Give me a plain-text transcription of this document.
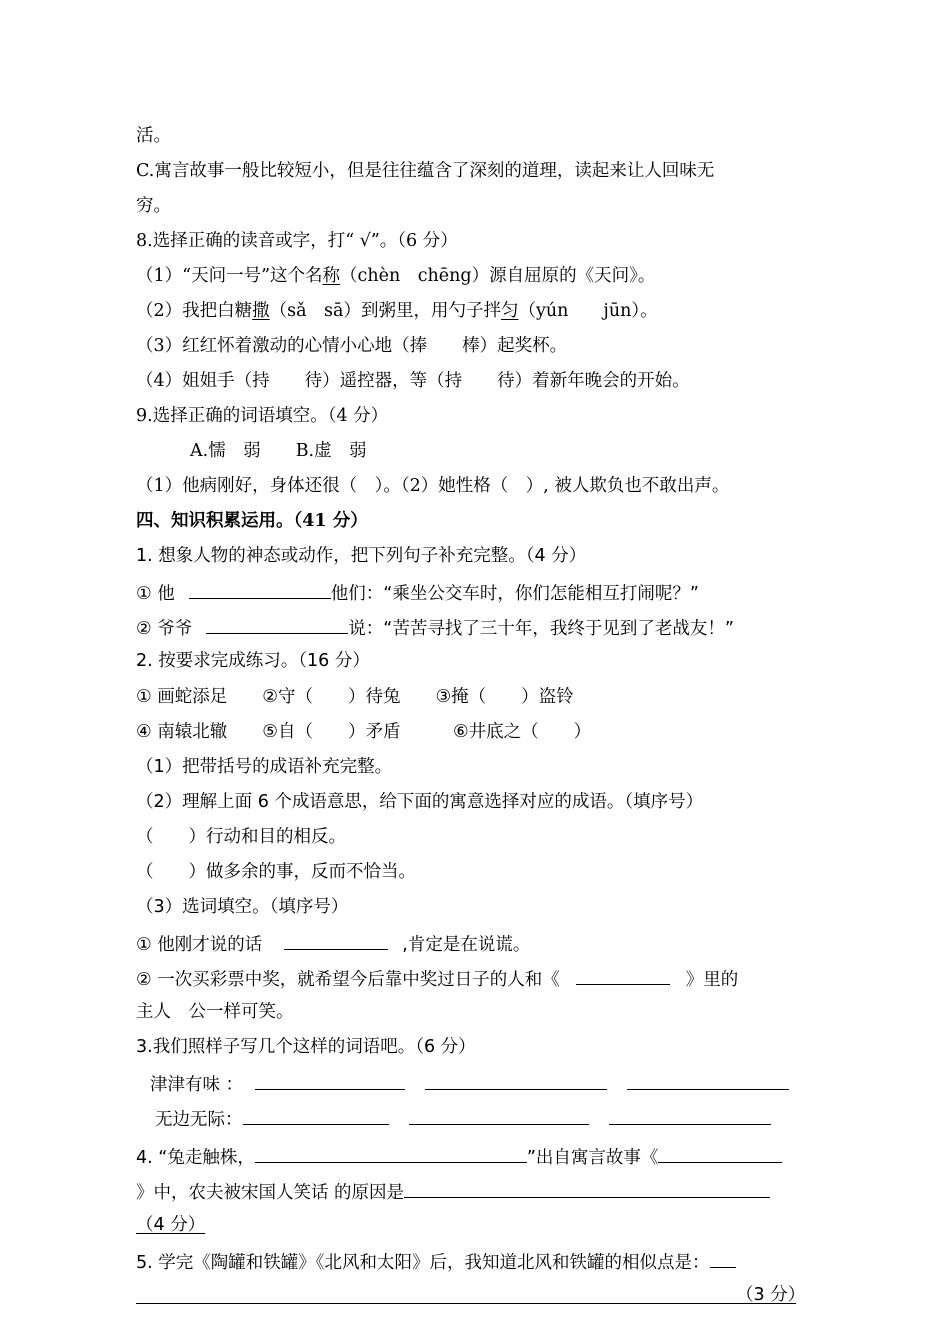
活。
C.寓言故事一般比较短小，但是往往蕴含了深刻的道理，读起来让人回味无
穷。
8.选择正确的读音或字，打“ √”。（6 分）
（1）“天问一号”这个名称（chèn　chēng）源自屈原的《天问》。
（2）我把白糖撒（sǎ　sā）到粥里，用勺子拌匀（yún　　jūn）。
（3）红红怀着激动的心情小心地（捧　　棒）起奖杯。
（4）姐姐手（持　　待）遥控器，等（持　　待）着新年晚会的开始。
9.选择正确的词语填空。（4 分）
A.懦　弱　　B.虚　弱
（1）他病刚好，身体还很（　）。（2）她性格（　）, 被人欺负也不敢出声。
四、知识积累运用。（41 分）
1. 想象人物的神态或动作，把下列句子补充完整。（4 分）
① 他	他们：“乘坐公交车时，你们怎能相互打闹呢？”
② 爷爷	说：“苦苦寻找了三十年，我终于见到了老战友！”
2. 按要求完成练习。（16 分）
① 画蛇添足　　②守（　　）待兔　　③掩（　　）盗铃
④ 南辕北辙　　⑤自（　　）矛盾　　　⑥井底之（　　）
（1）把带括号的成语补充完整。
（2）理解上面 6 个成语意思，给下面的寓意选择对应的成语。（填序号）
（　　）行动和目的相反。
（　　）做多余的事，反而不恰当。
（3）选词填空。（填序号）
① 他刚才说的话	,肯定是在说谎。
② 一次买彩票中奖，就希望今后靠中奖过日子的人和《	》里的
主人　公一样可笑。
3.我们照样子写几个这样的词语吧。（6 分）
津津有味 ：
无边无际：
4. “兔走触株，	”出自寓言故事《
》中，农夫被宋国人笑话 的原因是
（4 分）
5. 学完《陶罐和铁罐》《北风和太阳》后，我知道北风和铁罐的相似点是：
（3 分）
